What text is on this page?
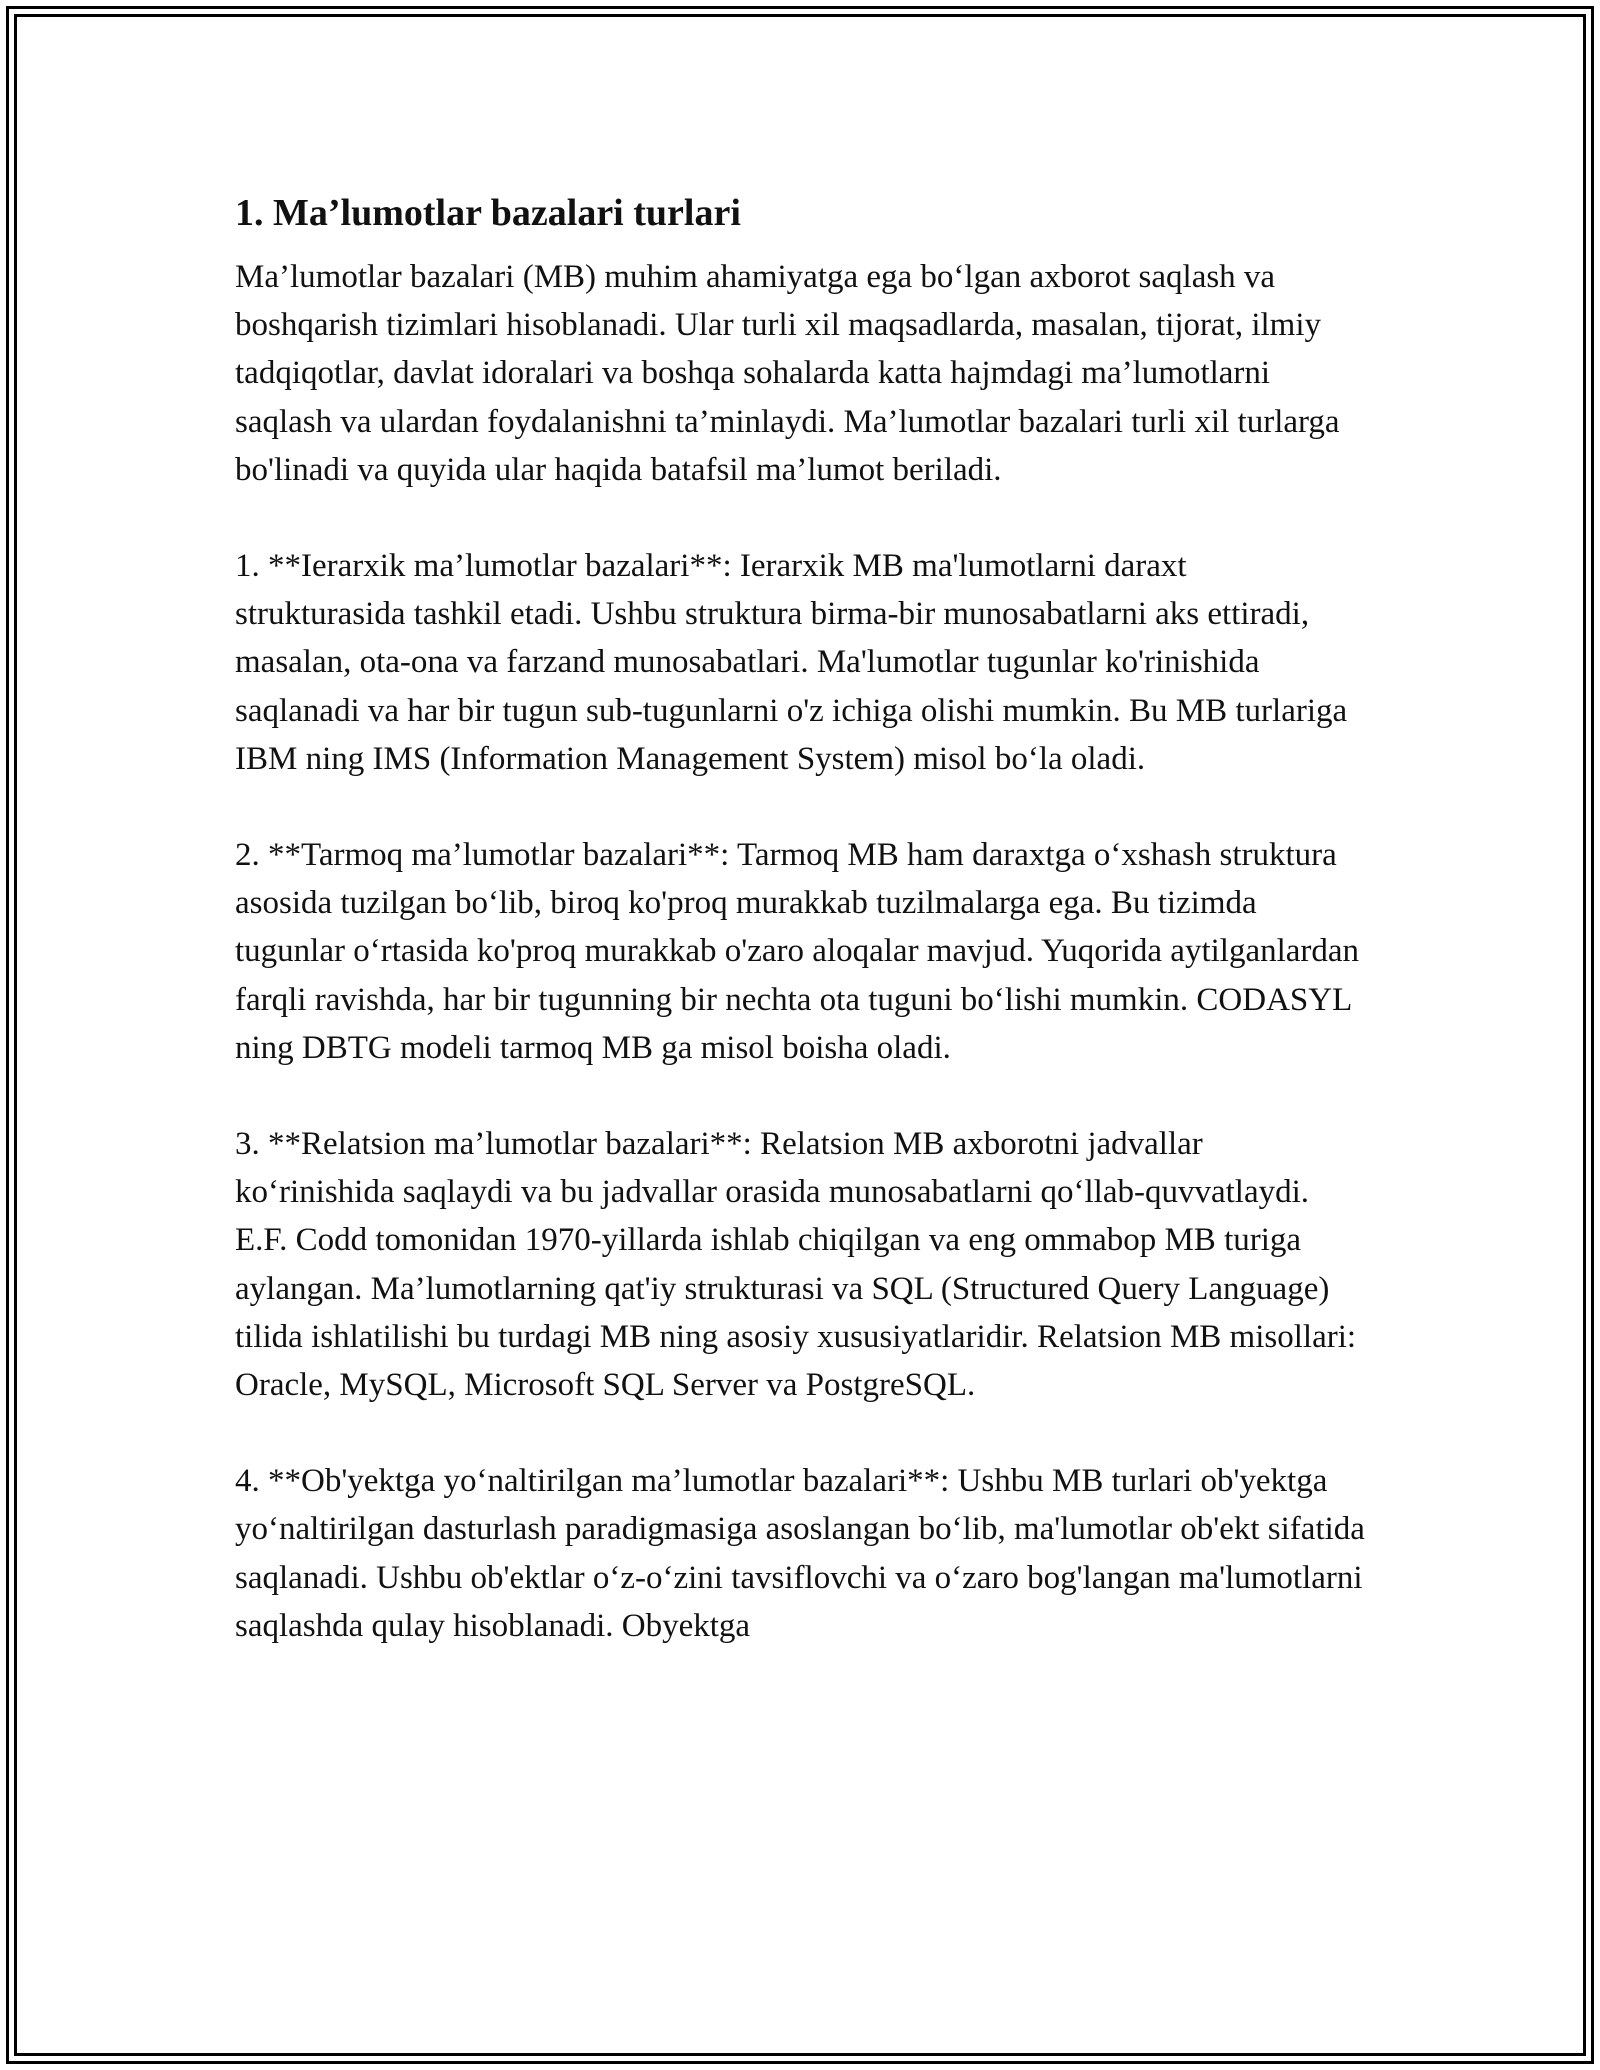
1. Ma’lumotlar bazalari turlari

Ma’lumotlar bazalari (MB) muhim ahamiyatga ega bo‘lgan axborot saqlash va boshqarish tizimlari hisoblanadi. Ular turli xil maqsadlarda, masalan, tijorat, ilmiy tadqiqotlar, davlat idoralari va boshqa sohalarda katta hajmdagi ma’lumotlarni saqlash va ulardan foydalanishni ta’minlaydi. Ma’lumotlar bazalari turli xil turlarga bo'linadi va quyida ular haqida batafsil ma’lumot beriladi.

1. **Ierarxik ma’lumotlar bazalari**: Ierarxik MB ma'lumotlarni daraxt strukturasida tashkil etadi. Ushbu struktura birma-bir munosabatlarni aks ettiradi, masalan, ota-ona va farzand munosabatlari. Ma'lumotlar tugunlar ko'rinishida saqlanadi va har bir tugun sub-tugunlarni o'z ichiga olishi mumkin. Bu MB turlariga IBM ning IMS (Information Management System) misol bo‘la oladi.

2. **Tarmoq ma’lumotlar bazalari**: Tarmoq MB ham daraxtga o‘xshash struktura asosida tuzilgan bo‘lib, biroq ko'proq murakkab tuzilmalarga ega. Bu tizimda tugunlar o‘rtasida ko'proq murakkab o'zaro aloqalar mavjud. Yuqorida aytilganlardan farqli ravishda, har bir tugunning bir nechta ota tuguni bo‘lishi mumkin. CODASYL ning DBTG modeli tarmoq MB ga misol boisha oladi.

3. **Relatsion ma’lumotlar bazalari**: Relatsion MB axborotni jadvallar ko‘rinishida saqlaydi va bu jadvallar orasida munosabatlarni qo‘llab-quvvatlaydi. E.F. Codd tomonidan 1970-yillarda ishlab chiqilgan va eng ommabop MB turiga aylangan. Ma’lumotlarning qat'iy strukturasi va SQL (Structured Query Language) tilida ishlatilishi bu turdagi MB ning asosiy xususiyatlaridir. Relatsion MB misollari: Oracle, MySQL, Microsoft SQL Server va PostgreSQL.

4. **Ob'yektga yo‘naltirilgan ma’lumotlar bazalari**: Ushbu MB turlari ob'yektga yo‘naltirilgan dasturlash paradigmasiga asoslangan bo‘lib, ma'lumotlar ob'ekt sifatida saqlanadi. Ushbu ob'ektlar o‘z-o‘zini tavsiflovchi va o‘zaro bog'langan ma'lumotlarni saqlashda qulay hisoblanadi. Obyektga
